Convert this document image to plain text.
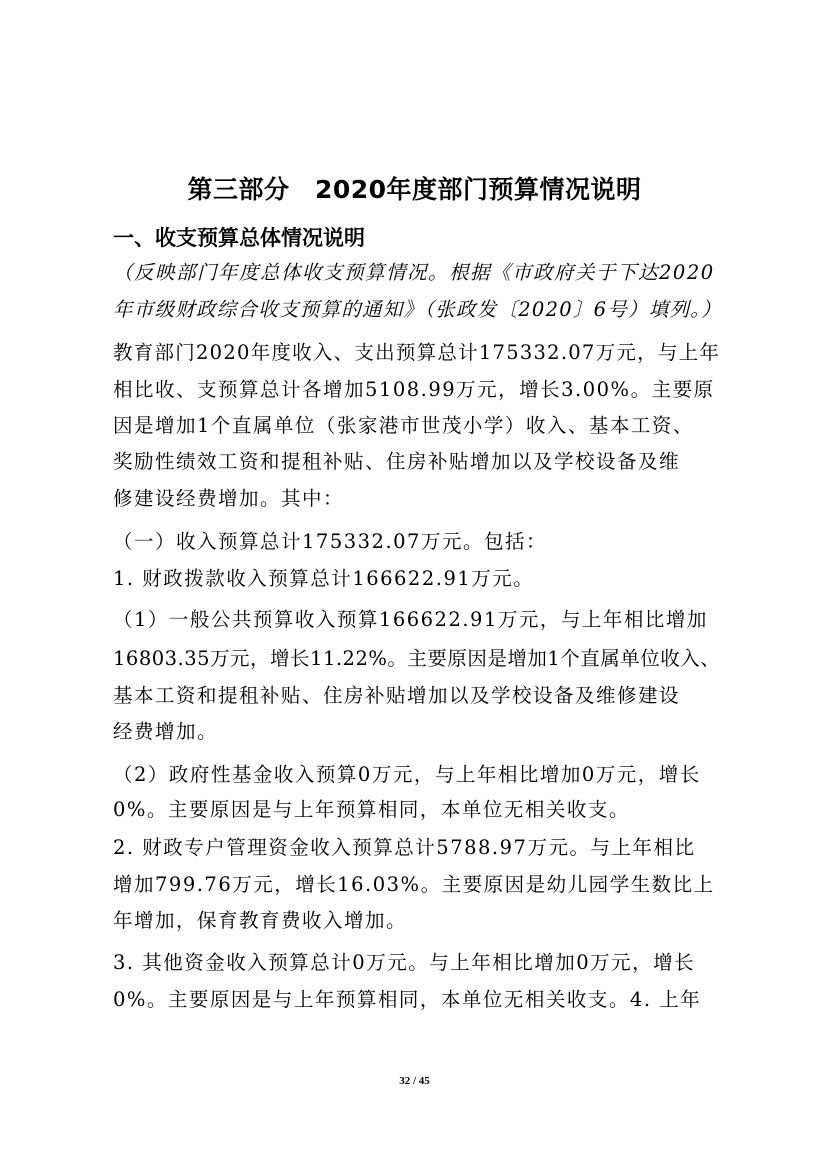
第三部分　2020年度部门预算情况说明
一、收支预算总体情况说明
（反映部门年度总体收支预算情况。根据《市政府关于下达2020
年市级财政综合收支预算的通知》（张政发〔2020〕6号）填列。）
教育部门2020年度收入、支出预算总计175332.07万元，与上年
相比收、支预算总计各增加5108.99万元，增长3.00%。主要原
因是增加1个直属单位（张家港市世茂小学）收入、基本工资、
奖励性绩效工资和提租补贴、住房补贴增加以及学校设备及维
修建设经费增加。其中：
（一）收入预算总计175332.07万元。包括：
1. 财政拨款收入预算总计166622.91万元。
（1）一般公共预算收入预算166622.91万元，与上年相比增加
16803.35万元，增长11.22%。主要原因是增加1个直属单位收入、
基本工资和提租补贴、住房补贴增加以及学校设备及维修建设
经费增加。
（2）政府性基金收入预算0万元，与上年相比增加0万元，增长
0%。主要原因是与上年预算相同，本单位无相关收支。
2. 财政专户管理资金收入预算总计5788.97万元。与上年相比
增加799.76万元，增长16.03%。主要原因是幼儿园学生数比上
年增加，保育教育费收入增加。
3. 其他资金收入预算总计0万元。与上年相比增加0万元，增长
0%。主要原因是与上年预算相同，本单位无相关收支。4. 上年
32 / 45
